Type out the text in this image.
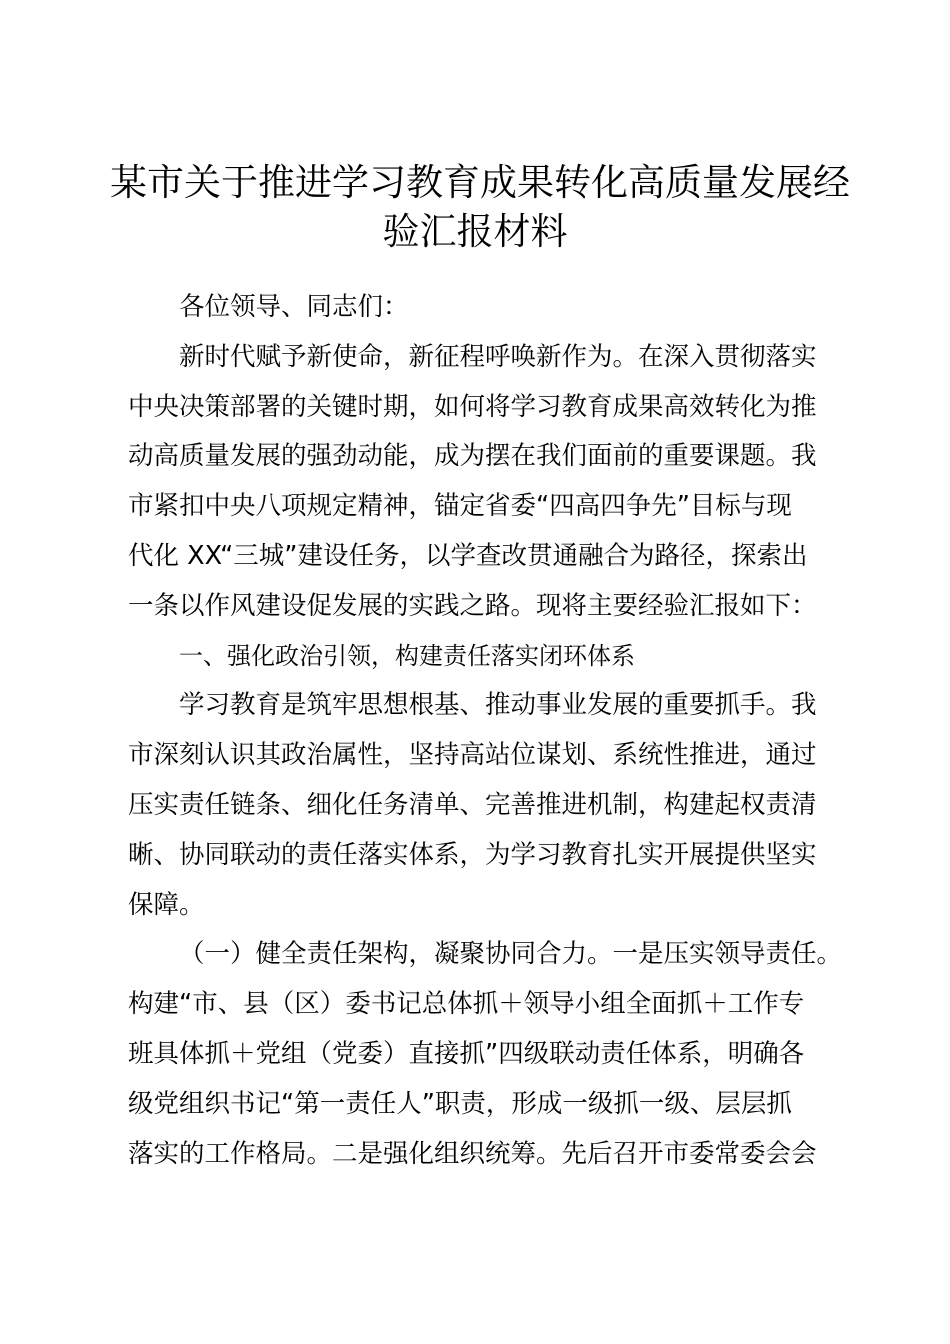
某市关于推进学习教育成果转化高质量发展经
验汇报材料
各位领导、同志们：
新时代赋予新使命，新征程呼唤新作为。在深入贯彻落实
中央决策部署的关键时期，如何将学习教育成果高效转化为推
动高质量发展的强劲动能，成为摆在我们面前的重要课题。我
市紧扣中央八项规定精神，锚定省委“四高四争先”目标与现
代化 XX“三城”建设任务，以学查改贯通融合为路径，探索出
一条以作风建设促发展的实践之路。现将主要经验汇报如下：
一、强化政治引领，构建责任落实闭环体系
学习教育是筑牢思想根基、推动事业发展的重要抓手。我
市深刻认识其政治属性，坚持高站位谋划、系统性推进，通过
压实责任链条、细化任务清单、完善推进机制，构建起权责清
晰、协同联动的责任落实体系，为学习教育扎实开展提供坚实
保障。
（一）健全责任架构，凝聚协同合力。一是压实领导责任。
构建“市、县（区）委书记总体抓＋领导小组全面抓＋工作专
班具体抓＋党组（党委）直接抓”四级联动责任体系，明确各
级党组织书记“第一责任人”职责，形成一级抓一级、层层抓
落实的工作格局。二是强化组织统筹。先后召开市委常委会会
